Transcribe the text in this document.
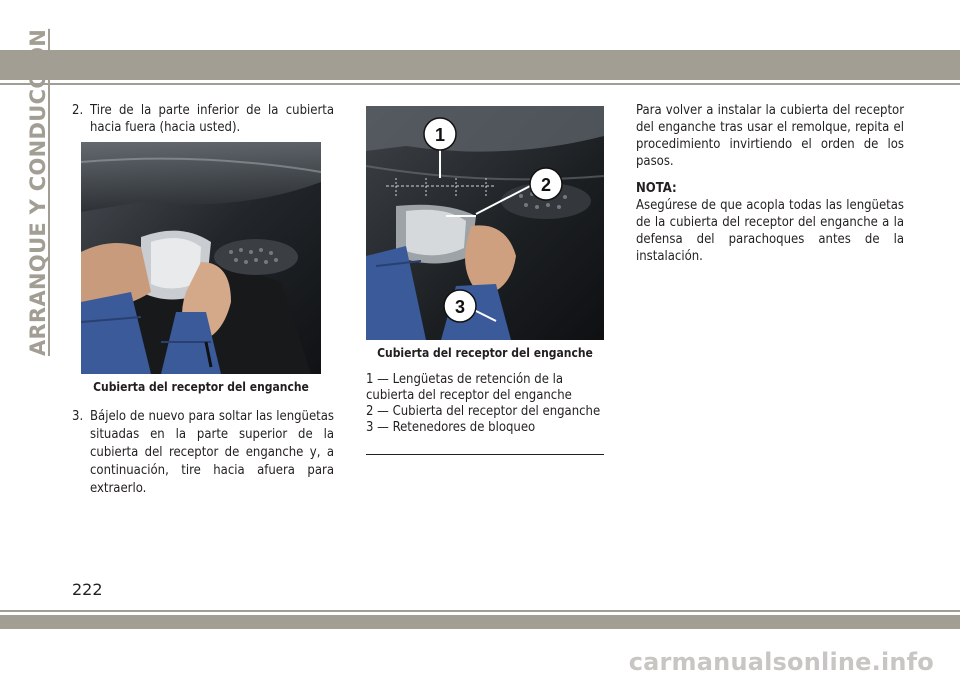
ARRANQUE Y CONDUCCIÓN 2. Tire de la parte inferior de la cubierta hacia fuera (hacia usted).
Cubierta del receptor del enganche
3. Bájelo de nuevo para soltar las lengüetas situadas en la parte superior de la cubierta del receptor de enganche y, a continuación, tire hacia afuera para extraerlo.
1
2
3
Cubierta del receptor del enganche
1 — Lengüetas de retención de la cubierta del receptor del enganche
2 — Cubierta del receptor del enganche
3 — Retenedores de bloqueo
Para volver a instalar la cubierta del receptor del enganche tras usar el remolque, repita el procedimiento invirtiendo el orden de los pasos.
NOTA:
Asegúrese de que acopla todas las lengüetas de la cubierta del receptor del enganche a la defensa del parachoques antes de la instalación.
222
carmanualsonline.info
